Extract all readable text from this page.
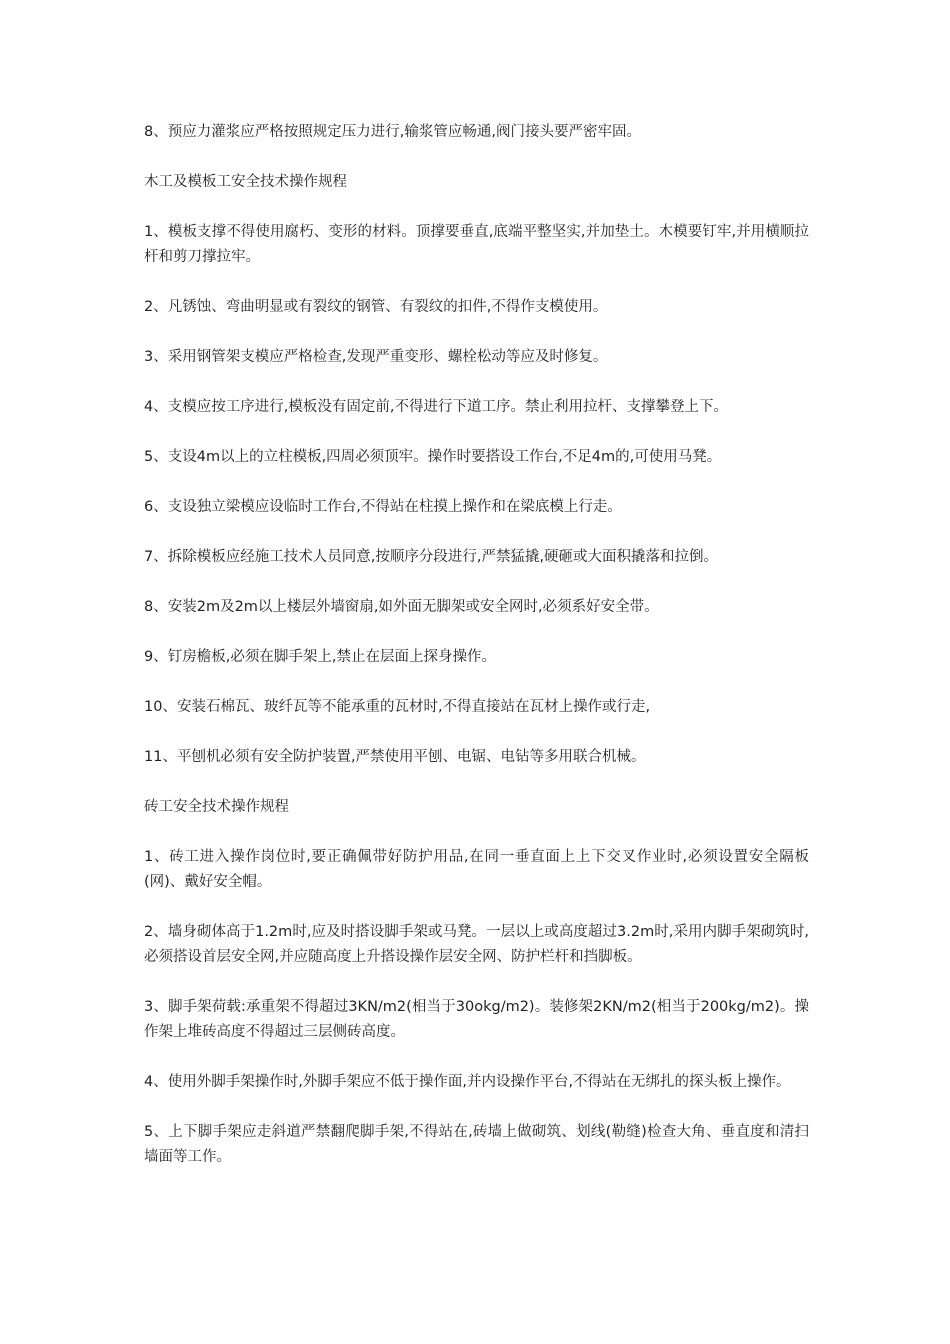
8、预应力灌浆应严格按照规定压力进行,输浆管应畅通,阀门接头要严密牢固。

木工及模板工安全技术操作规程

1、模板支撑不得使用腐朽、变形的材料。顶撑要垂直,底端平整坚实,并加垫土。木模要钉牢,并用横顺拉杆和剪刀撑拉牢。

2、凡锈蚀、弯曲明显或有裂纹的钢管、有裂纹的扣件,不得作支模使用。

3、采用钢管架支模应严格检查,发现严重变形、螺栓松动等应及时修复。

4、支模应按工序进行,模板没有固定前,不得进行下道工序。禁止利用拉杆、支撑攀登上下。

5、支设4m以上的立柱模板,四周必须顶牢。操作时要搭设工作台,不足4m的,可使用马凳。

6、支设独立梁模应设临时工作台,不得站在柱摸上操作和在梁底模上行走。

7、拆除模板应经施工技术人员同意,按顺序分段进行,严禁猛撬,硬砸或大面积撬落和拉倒。

8、安装2m及2m以上楼层外墙窗扇,如外面无脚架或安全网时,必须系好安全带。

9、钉房檐板,必须在脚手架上,禁止在层面上探身操作。

10、安装石棉瓦、玻纤瓦等不能承重的瓦材时,不得直接站在瓦材上操作或行走,

11、平刨机必须有安全防护装置,严禁使用平刨、电锯、电钻等多用联合机械。

砖工安全技术操作规程

1、砖工进入操作岗位时,要正确佩带好防护用品,在同一垂直面上上下交叉作业时,必须设置安全隔板(网)、戴好安全帽。

2、墙身砌体高于1.2m时,应及时搭设脚手架或马凳。一层以上或高度超过3.2m时,采用内脚手架砌筑时,必须搭设首层安全网,并应随高度上升搭设操作层安全网、防护栏杆和挡脚板。

3、脚手架荷载:承重架不得超过3KN/m2(相当于30okg/m2)。装修架2KN/m2(相当于200kg/m2)。操作架上堆砖高度不得超过三层侧砖高度。

4、使用外脚手架操作时,外脚手架应不低于操作面,并内设操作平台,不得站在无绑扎的探头板上操作。

5、上下脚手架应走斜道严禁翻爬脚手架,不得站在,砖墙上做砌筑、划线(勒缝)检查大角、垂直度和清扫墙面等工作。
